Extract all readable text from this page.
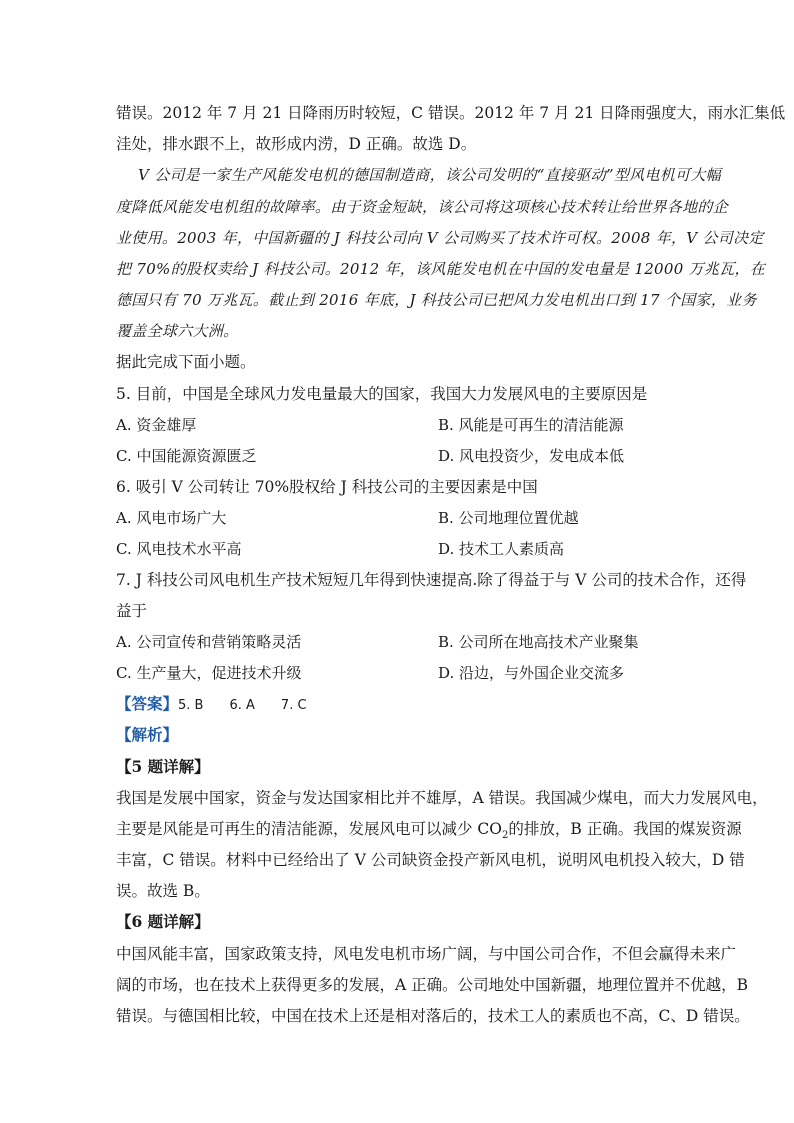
错误。2012 年 7 月 21 日降雨历时较短，C 错误。2012 年 7 月 21 日降雨强度大，雨水汇集低
洼处，排水跟不上，故形成内涝，D 正确。故选 D。
V 公司是一家生产风能发电机的德国制造商，该公司发明的“直接驱动”型风电机可大幅
度降低风能发电机组的故障率。由于资金短缺，该公司将这项核心技术转让给世界各地的企
业使用。2003 年，中国新疆的 J 科技公司向 V 公司购买了技术许可权。2008 年，V 公司决定
把 70%的股权卖给 J 科技公司。2012 年，该风能发电机在中国的发电量是 12000 万兆瓦，在
德国只有 70 万兆瓦。截止到 2016 年底，J 科技公司已把风力发电机出口到 17 个国家，业务
覆盖全球六大洲。
据此完成下面小题。
5. 目前，中国是全球风力发电量最大的国家，我国大力发展风电的主要原因是
A. 资金雄厚	B. 风能是可再生的清洁能源
C. 中国能源资源匮乏	D. 风电投资少，发电成本低
6. 吸引 V 公司转让 70%股权给 J 科技公司的主要因素是中国
A. 风电市场广大	B. 公司地理位置优越
C. 风电技术水平高	D. 技术工人素质高
7. J 科技公司风电机生产技术短短几年得到快速提高.除了得益于与 V 公司的技术合作，还得
益于
A. 公司宣传和营销策略灵活	B. 公司所在地高技术产业聚集
C. 生产量大，促进技术升级	D. 沿边，与外国企业交流多
【答案】5. B 6. A 7. C
【解析】
【5 题详解】
我国是发展中国家，资金与发达国家相比并不雄厚，A 错误。我国减少煤电，而大力发展风电，
主要是风能是可再生的清洁能源，发展风电可以减少 $CO_2$的排放，B 正确。我国的煤炭资源
丰富，C 错误。材料中已经给出了 V 公司缺资金投产新风电机，说明风电机投入较大，D 错
误。故选 B。
【6 题详解】
中国风能丰富，国家政策支持，风电发电机市场广阔，与中国公司合作，不但会赢得未来广
阔的市场，也在技术上获得更多的发展，A 正确。公司地处中国新疆，地理位置并不优越，B
错误。与德国相比较，中国在技术上还是相对落后的，技术工人的素质也不高，C、D 错误。
